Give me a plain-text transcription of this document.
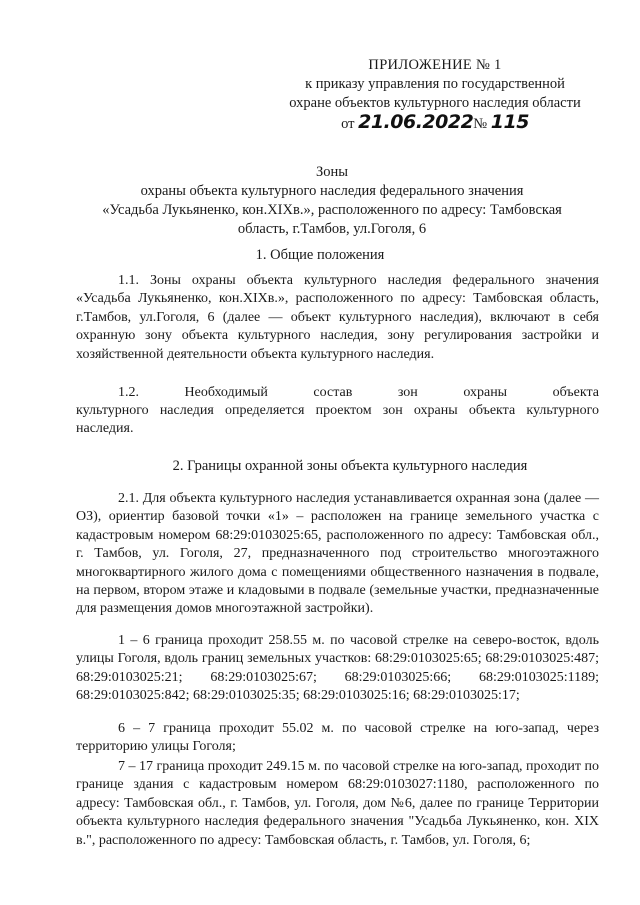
ПРИЛОЖЕНИЕ № 1
к приказу управления по государственной
охране объектов культурного наследия области
от 21.06.2022№ 115
Зоны
охраны объекта культурного наследия федерального значения
«Усадьба Лукьяненко, кон.XIXв.», расположенного по адресу: Тамбовская
область, г.Тамбов, ул.Гоголя, 6
1. Общие положения

1.1. Зоны охраны объекта культурного наследия федерального значения «Усадьба Лукьяненко, кон.XIXв.», расположенного по адресу: Тамбовская область, г.Тамбов, ул.Гоголя, 6 (далее — объект культурного наследия), включают в себя охранную зону объекта культурного наследия, зону регулирования застройки и хозяйственной деятельности объекта культурного наследия.

1.2.	Необходимый	состав	зон	охраны	объекта

культурного наследия определяется проектом зон охраны объекта культурного наследия.

2. Границы охранной зоны объекта культурного наследия

2.1. Для объекта культурного наследия устанавливается охранная зона (далее — ОЗ), ориентир базовой точки «1» – расположен на границе земельного участка с кадастровым номером 68:29:0103025:65, расположенного по адресу: Тамбовская обл., г. Тамбов, ул. Гоголя, 27, предназначенного под строительство многоэтажного многоквартирного жилого дома с помещениями общественного назначения в подвале, на первом, втором этаже и кладовыми в подвале (земельные участки, предназначенные для размещения домов многоэтажной застройки).

1 – 6 граница проходит 258.55 м. по часовой стрелке на северо-восток, вдоль улицы Гоголя, вдоль границ земельных участков: 68:29:0103025:65; 68:29:0103025:487; 68:29:0103025:21; 68:29:0103025:67; 68:29:0103025:66; 68:29:0103025:1189; 68:29:0103025:842; 68:29:0103025:35; 68:29:0103025:16; 68:29:0103025:17;

6 – 7 граница проходит 55.02 м. по часовой стрелке на юго-запад, через территорию улицы Гоголя;

7 – 17 граница проходит 249.15 м. по часовой стрелке на юго-запад, проходит по границе здания с кадастровым номером 68:29:0103027:1180, расположенного по адресу: Тамбовская обл., г. Тамбов, ул. Гоголя, дом №6, далее по границе Территории объекта культурного наследия федерального значения "Усадьба Лукьяненко, кон. XIX в.", расположенного по адресу: Тамбовская область, г. Тамбов, ул. Гоголя, 6;
